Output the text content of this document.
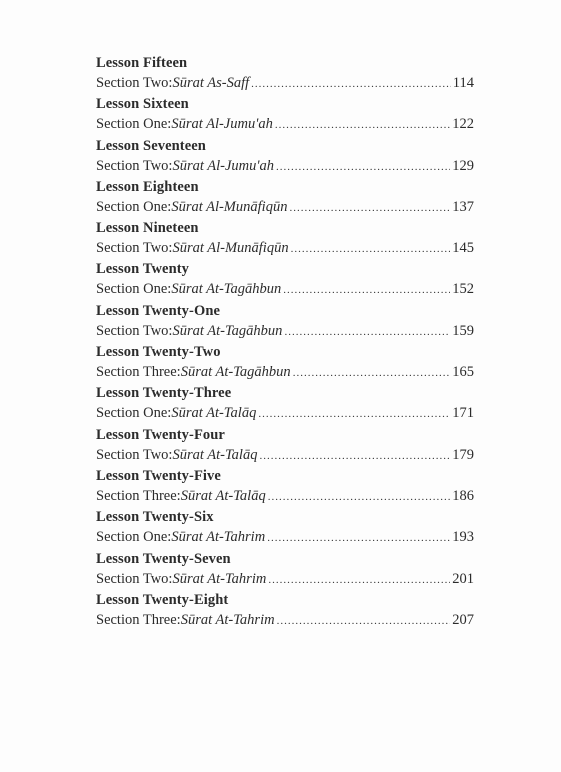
Lesson Fifteen
Section Two: Sūrat As-Saff .....	114
Lesson Sixteen
Section One: Sūrat Al-Jumu'ah .....	122
Lesson Seventeen
Section Two: Sūrat Al-Jumu'ah .....	129
Lesson Eighteen
Section One: Sūrat Al-Munāfiqūn .....	137
Lesson Nineteen
Section Two: Sūrat Al-Munāfiqūn .....	145
Lesson Twenty
Section One: Sūrat At-Tagāhbun .....	152
Lesson Twenty-One
Section Two: Sūrat At-Tagāhbun .....	159
Lesson Twenty-Two
Section Three: Sūrat At-Tagāhbun .....	165
Lesson Twenty-Three
Section One: Sūrat At-Talāq .....	171
Lesson Twenty-Four
Section Two: Sūrat At-Talāq .....	179
Lesson Twenty-Five
Section Three: Sūrat At-Talāq .....	186
Lesson Twenty-Six
Section One: Sūrat At-Tahrim .....	193
Lesson Twenty-Seven
Section Two: Sūrat At-Tahrim .....	201
Lesson Twenty-Eight
Section Three: Sūrat At-Tahrim .....	207
